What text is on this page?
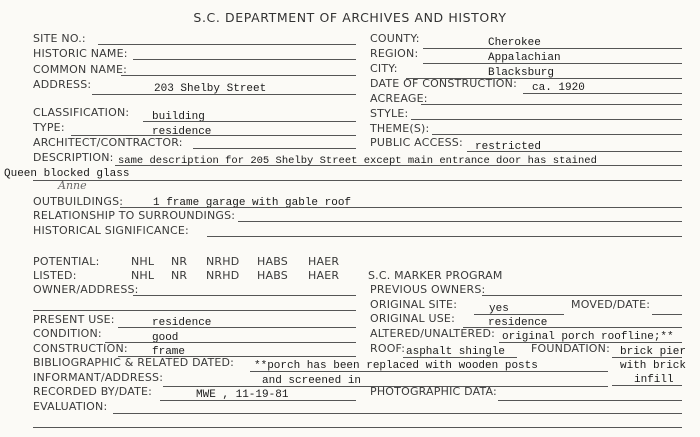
S.C. DEPARTMENT OF ARCHIVES AND HISTORY
SITE NO.:
HISTORIC NAME:
COMMON NAME:
ADDRESS:	203 Shelby Street
CLASSIFICATION: building
TYPE:	residence
ARCHITECT/CONTRACTOR:
COUNTY:	Cherokee
REGION:	Appalachian
CITY:	Blacksburg
DATE OF CONSTRUCTION: ca. 1920
ACREAGE:
STYLE:
THEME(S):
PUBLIC ACCESS: restricted
DESCRIPTION: same description for 205 Shelby Street except main entrance door has stained
Queen blocked glass
Anne
OUTBUILDINGS:	1 frame garage with gable roof
RELATIONSHIP TO SURROUNDINGS:
HISTORICAL SIGNIFICANCE:
POTENTIAL:	NHL NR NRHD HABS HAER
LISTED:	NHL NR NRHD HABS HAER	S.C. MARKER PROGRAM
OWNER/ADDRESS:	PREVIOUS OWNERS:
ORIGINAL SITE:	yes	MOVED/DATE:
PRESENT USE:	residence	ORIGINAL USE:	residence
CONDITION:	good	ALTERED/UNALTERED: original porch roofline;**
CONSTRUCTION: frame	ROOF: asphalt shingle FOUNDATION: brick pier
BIBLIOGRAPHIC & RELATED DATED: **porch has been replaced with wooden posts	with brick
INFORMANT/ADDRESS:	and screened in	infill
RECORDED BY/DATE:	MWE , 11-19-81	PHOTOGRAPHIC DATA:
EVALUATION:
